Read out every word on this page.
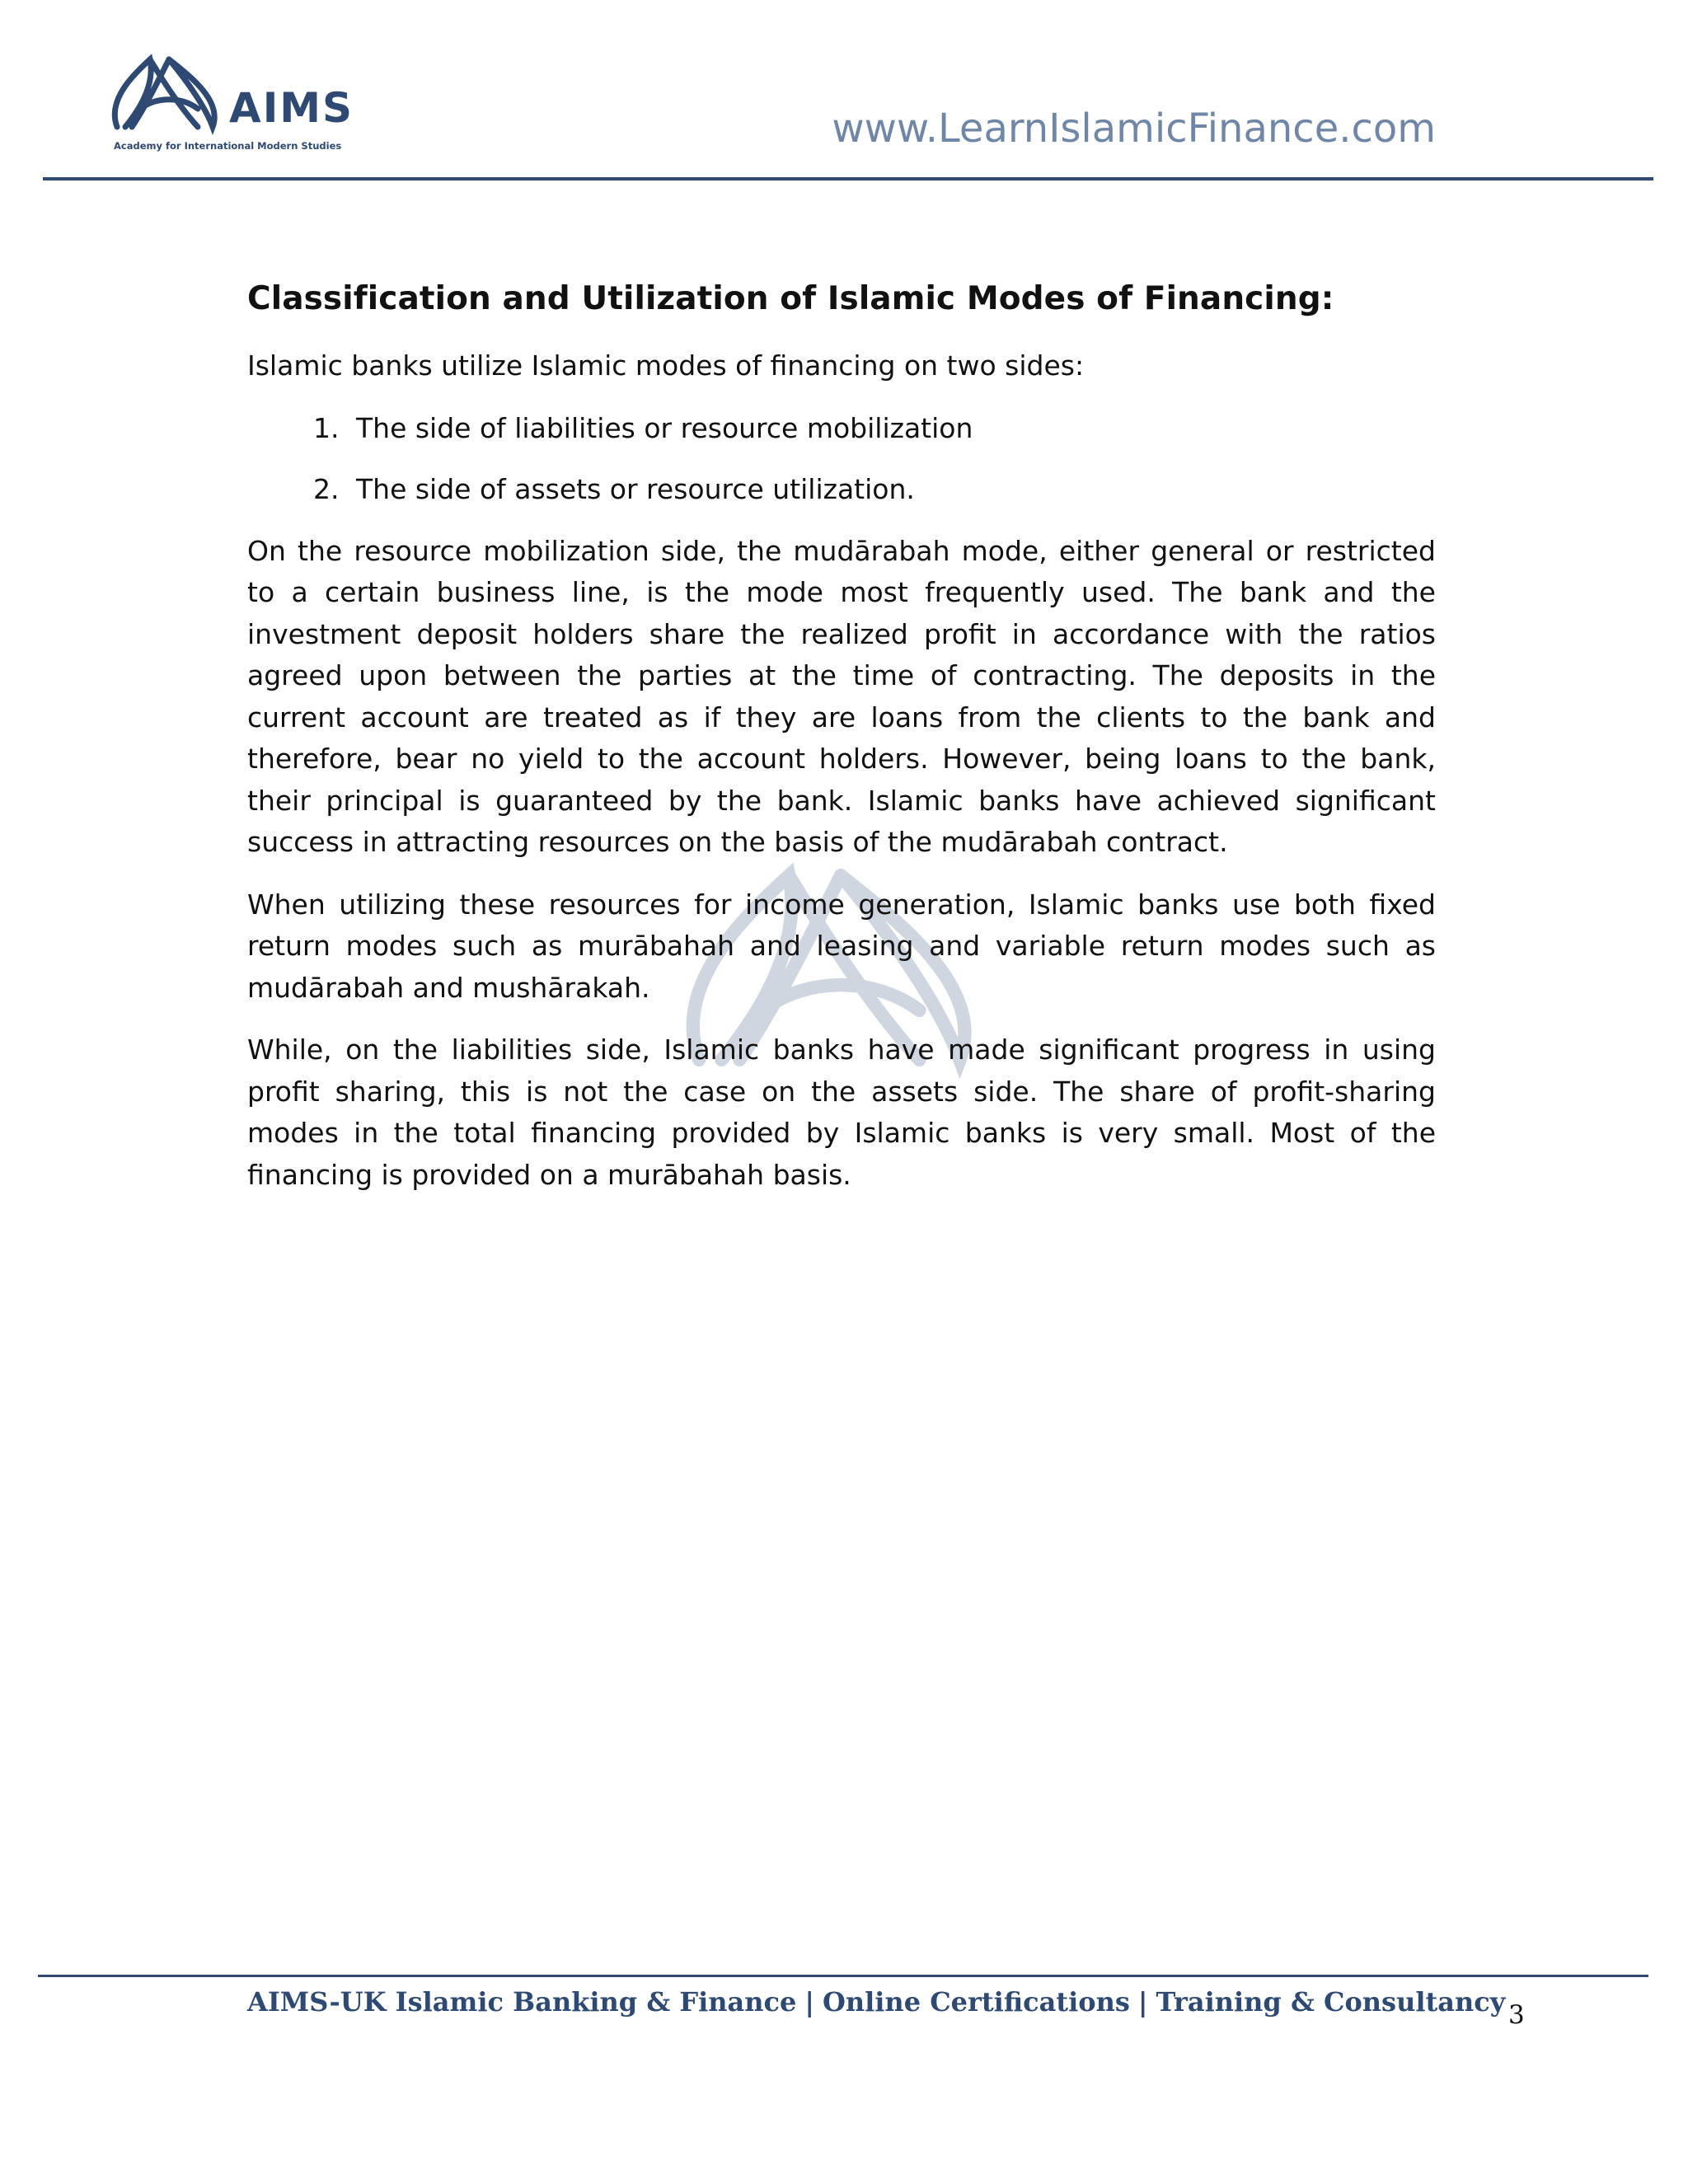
AIMS
Academy for International Modern Studies	www.LearnIslamicFinance.com
Classification and Utilization of Islamic Modes of Financing:

Islamic banks utilize Islamic modes of financing on two sides:

1. The side of liabilities or resource mobilization
2. The side of assets or resource utilization.

On the resource mobilization side, the mudārabah mode, either general or restricted to a certain business line, is the mode most frequently used. The bank and the investment deposit holders share the realized profit in accordance with the ratios agreed upon between the parties at the time of contracting. The deposits in the current account are treated as if they are loans from the clients to the bank and therefore, bear no yield to the account holders. However, being loans to the bank, their principal is guaranteed by the bank. Islamic banks have achieved significant success in attracting resources on the basis of the mudārabah contract.

When utilizing these resources for income generation, Islamic banks use both fixed return modes such as murābahah and leasing and variable return modes such as mudārabah and mushārakah.

While, on the liabilities side, Islamic banks have made significant progress in using profit sharing, this is not the case on the assets side. The share of profit-sharing modes in the total financing provided by Islamic banks is very small. Most of the financing is provided on a murābahah basis.

AIMS-UK Islamic Banking & Finance | Online Certifications | Training & Consultancy 3
